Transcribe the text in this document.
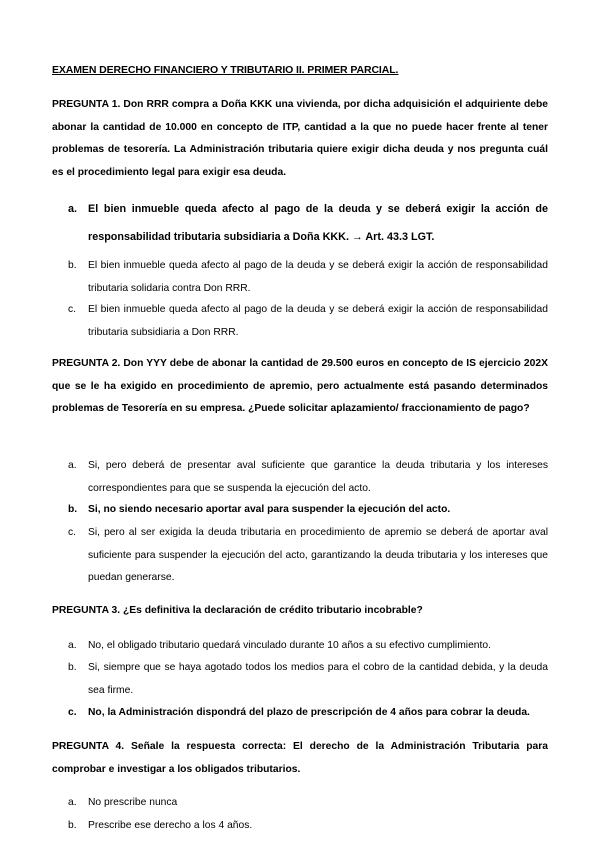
EXAMEN DERECHO FINANCIERO Y TRIBUTARIO II. PRIMER PARCIAL.
PREGUNTA 1. Don RRR compra a Doña KKK una vivienda, por dicha adquisición el adquiriente debe abonar la cantidad de 10.000 en concepto de ITP, cantidad a la que no puede hacer frente al tener problemas de tesorería. La Administración tributaria quiere exigir dicha deuda y nos pregunta cuál es el procedimiento legal para exigir esa deuda.
a.	El bien inmueble queda afecto al pago de la deuda y se deberá exigir la acción de responsabilidad tributaria subsidiaria a Doña KKK. → Art. 43.3 LGT.
b.	El bien inmueble queda afecto al pago de la deuda y se deberá exigir la acción de responsabilidad tributaria solidaria contra Don RRR.
c.	El bien inmueble queda afecto al pago de la deuda y se deberá exigir la acción de responsabilidad tributaria subsidiaria a Don RRR.
PREGUNTA 2. Don YYY debe de abonar la cantidad de 29.500 euros en concepto de IS ejercicio 202X que se le ha exigido en procedimiento de apremio, pero actualmente está pasando determinados problemas de Tesorería en su empresa. ¿Puede solicitar aplazamiento/ fraccionamiento de pago?
a.	Si, pero deberá de presentar aval suficiente que garantice la deuda tributaria y los intereses correspondientes para que se suspenda la ejecución del acto.
b.	Si, no siendo necesario aportar aval para suspender la ejecución del acto.
c.	Si, pero al ser exigida la deuda tributaria en procedimiento de apremio se deberá de aportar aval suficiente para suspender la ejecución del acto, garantizando la deuda tributaria y los intereses que puedan generarse.
PREGUNTA 3. ¿Es definitiva la declaración de crédito tributario incobrable?
a.	No, el obligado tributario quedará vinculado durante 10 años a su efectivo cumplimiento.
b.	Si, siempre que se haya agotado todos los medios para el cobro de la cantidad debida, y la deuda sea firme.
c.	No, la Administración dispondrá del plazo de prescripción de 4 años para cobrar la deuda.
PREGUNTA 4. Señale la respuesta correcta: El derecho de la Administración Tributaria para comprobar e investigar a los obligados tributarios.
a.	No prescribe nunca
b.	Prescribe ese derecho a los 4 años.
